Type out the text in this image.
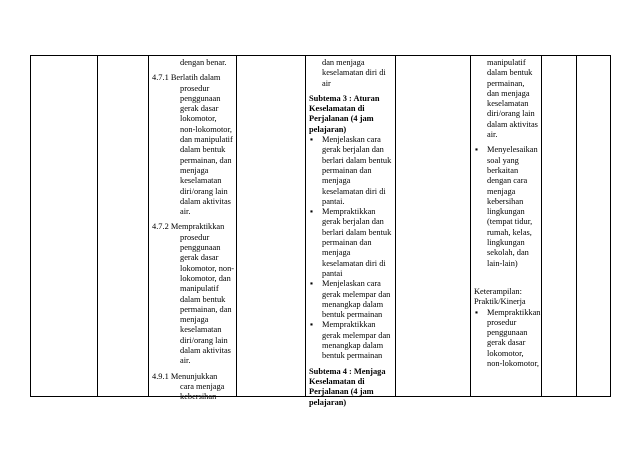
dengan benar.

4.7.1 Berlatih dalam

prosedur

penggunaan

gerak dasar

lokomotor,

non-lokomotor,

dan manipulatif

dalam bentuk

permainan, dan

menjaga

keselamatan

diri/orang lain

dalam aktivitas

air.

4.7.2 Mempraktikkan

prosedur

penggunaan

gerak dasar

lokomotor, non-

lokomotor, dan

manipulatif

dalam bentuk

permainan, dan

menjaga

keselamatan

diri/orang lain

dalam aktivitas

air.

4.9.1 Menunjukkan

cara menjaga

kebersihan

dan menjaga

keselamatan diri di

air

Subtema 3 : Aturan

Keselamatan di

Perjalanan (4 jam

pelajaran)

Menjelaskan cara
▪

gerak berjalan dan

berlari dalam bentuk

permainan dan

menjaga

keselamatan diri di

pantai.

Mempraktikkan
▪

gerak berjalan dan

berlari dalam bentuk

permainan dan

menjaga

keselamatan diri di

pantai

Menjelaskan cara
▪

gerak melempar dan

menangkap dalam

bentuk permainan

Mempraktikkan
▪

gerak melempar dan

menangkap dalam

bentuk permainan

Subtema 4 : Menjaga

Keselamatan di

Perjalanan (4 jam

pelajaran)

manipulatif

dalam bentuk

permainan,

dan menjaga

keselamatan

diri/orang lain

dalam aktivitas

air.

Menyelesaikan
▪

soal yang

berkaitan

dengan cara

menjaga

kebersihan

lingkungan

(tempat tidur,

rumah, kelas,

lingkungan

sekolah, dan

lain-lain)

Keterampilan:

Praktik/Kinerja

Mempraktikkan
▪

prosedur

penggunaan

gerak dasar

lokomotor,

non-lokomotor,
